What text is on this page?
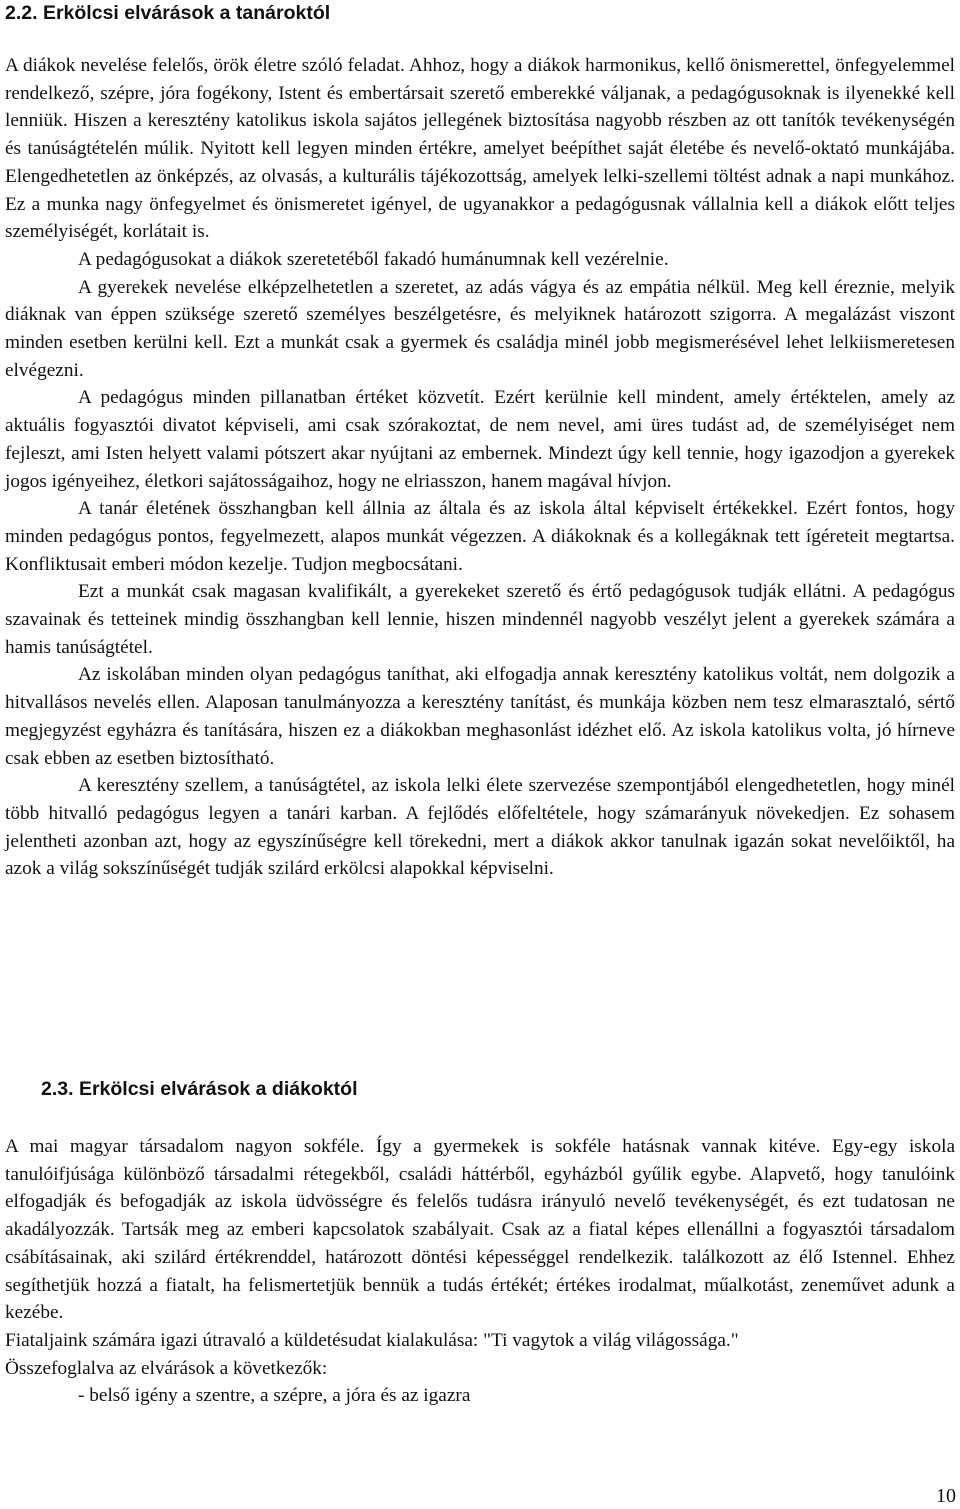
2.2. Erkölcsi elvárások a tanároktól

A diákok nevelése felelős, örök életre szóló feladat. Ahhoz, hogy a diákok harmonikus, kellő önismerettel, önfegyelemmel rendelkező, szépre, jóra fogékony, Istent és embertársait szerető emberekké váljanak, a pedagógusoknak is ilyenekké kell lenniük. Hiszen a keresztény katolikus iskola sajátos jellegének biztosítása nagyobb részben az ott tanítók tevékenységén és tanúságtételén múlik. Nyitott kell legyen minden értékre, amelyet beépíthet saját életébe és nevelő-oktató munkájába. Elengedhetetlen az önképzés, az olvasás, a kulturális tájékozottság, amelyek lelki-szellemi töltést adnak a napi munkához. Ez a munka nagy önfegyelmet és önismeretet igényel, de ugyanakkor a pedagógusnak vállalnia kell a diákok előtt teljes személyiségét, korlátait is.

A pedagógusokat a diákok szeretetéből fakadó humánumnak kell vezérelnie.

A gyerekek nevelése elképzelhetetlen a szeretet, az adás vágya és az empátia nélkül. Meg kell éreznie, melyik diáknak van éppen szüksége szerető személyes beszélgetésre, és melyiknek határozott szigorra. A megalázást viszont minden esetben kerülni kell. Ezt a munkát csak a gyermek és családja minél jobb megismerésével lehet lelkiismeretesen elvégezni.

A pedagógus minden pillanatban értéket közvetít. Ezért kerülnie kell mindent, amely értéktelen, amely az aktuális fogyasztói divatot képviseli, ami csak szórakoztat, de nem nevel, ami üres tudást ad, de személyiséget nem fejleszt, ami Isten helyett valami pótszert akar nyújtani az embernek. Mindezt úgy kell tennie, hogy igazodjon a gyerekek jogos igényeihez, életkori sajátosságaihoz, hogy ne elriasszon, hanem magával hívjon.

A tanár életének összhangban kell állnia az általa és az iskola által képviselt értékekkel. Ezért fontos, hogy minden pedagógus pontos, fegyelmezett, alapos munkát végezzen. A diákoknak és a kollegáknak tett ígéreteit megtartsa. Konfliktusait emberi módon kezelje. Tudjon megbocsátani.

Ezt a munkát csak magasan kvalifikált, a gyerekeket szerető és értő pedagógusok tudják ellátni. A pedagógus szavainak és tetteinek mindig összhangban kell lennie, hiszen mindennél nagyobb veszélyt jelent a gyerekek számára a hamis tanúságtétel.

Az iskolában minden olyan pedagógus taníthat, aki elfogadja annak keresztény katolikus voltát, nem dolgozik a hitvallásos nevelés ellen. Alaposan tanulmányozza a keresztény tanítást, és munkája közben nem tesz elmarasztaló, sértő megjegyzést egyházra és tanítására, hiszen ez a diákokban meghasonlást idézhet elő. Az iskola katolikus volta, jó hírneve csak ebben az esetben biztosítható.

A keresztény szellem, a tanúságtétel, az iskola lelki élete szervezése szempontjából elengedhetetlen, hogy minél több hitvalló pedagógus legyen a tanári karban. A fejlődés előfeltétele, hogy számarányuk növekedjen. Ez sohasem jelentheti azonban azt, hogy az egyszínűségre kell törekedni, mert a diákok akkor tanulnak igazán sokat nevelőiktől, ha azok a világ sokszínűségét tudják szilárd erkölcsi alapokkal képviselni.

2.3. Erkölcsi elvárások a diákoktól

A mai magyar társadalom nagyon sokféle. Így a gyermekek is sokféle hatásnak vannak kitéve. Egy-egy iskola tanulóifjúsága különböző társadalmi rétegekből, családi háttérből, egyházból gyűlik egybe. Alapvető, hogy tanulóink elfogadják és befogadják az iskola üdvösségre és felelős tudásra irányuló nevelő tevékenységét, és ezt tudatosan ne akadályozzák. Tartsák meg az emberi kapcsolatok szabályait. Csak az a fiatal képes ellenállni a fogyasztói társadalom csábításainak, aki szilárd értékrenddel, határozott döntési képességgel rendelkezik. találkozott az élő Istennel. Ehhez segíthetjük hozzá a fiatalt, ha felismertetjük bennük a tudás értékét; értékes irodalmat, műalkotást, zeneművet adunk a kezébe.

Fiataljaink számára igazi útravaló a küldetésudat kialakulása: "Ti vagytok a világ világossága."

Összefoglalva az elvárások a következők:

- belső igény a szentre, a szépre, a jóra és az igazra

10
